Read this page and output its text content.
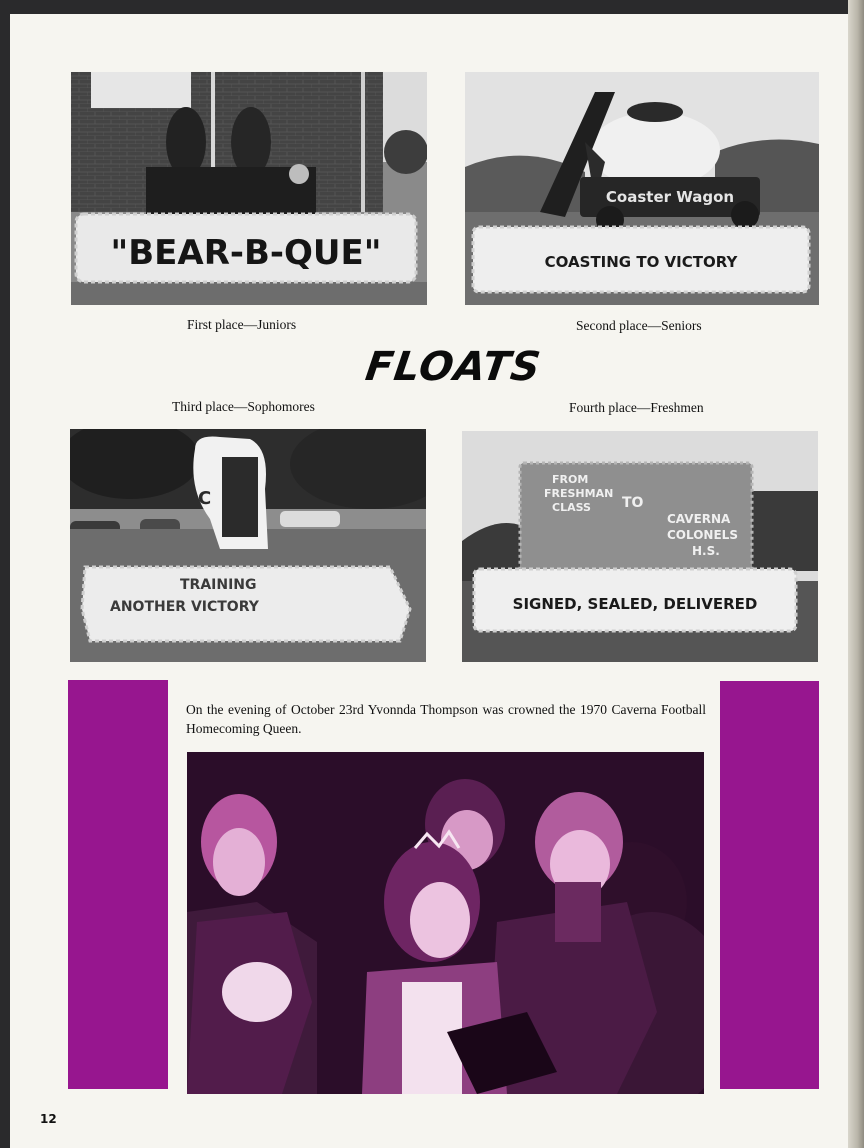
"BEAR-B-QUE"
First place—Juniors
Coaster Wagon
COASTING TO VICTORY
Second place—Seniors
FLOATS
Third place—Sophomores	Fourth place—Freshmen
C
TRAINING
ANOTHER VICTORY
FROM
FRESHMAN
CLASS TO
CAVERNA
COLONELS
H.S.
SIGNED, SEALED, DELIVERED
On the evening of October 23rd Yvonnda Thompson was crowned the 1970 Caverna Football Homecoming Queen.
12
